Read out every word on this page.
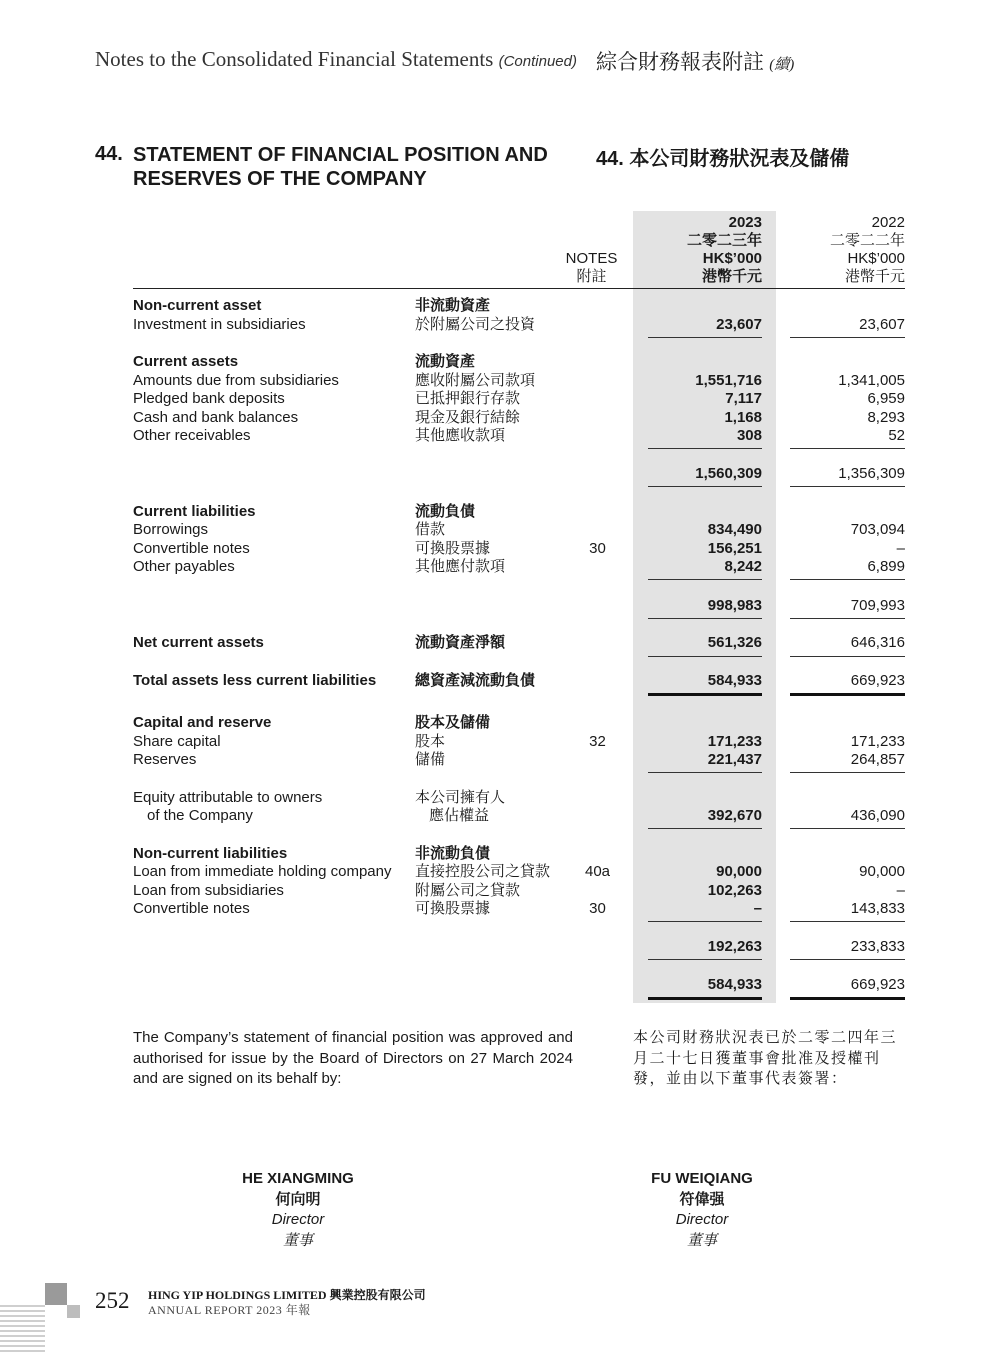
Notes to the Consolidated Financial Statements (Continued) 綜合財務報表附註 (續)
44. STATEMENT OF FINANCIAL POSITION AND RESERVES OF THE COMPANY
44. 本公司財務狀況表及儲備
NOTES
附註
2023
二零二三年
HK$’000
港幣千元
2022
二零二二年
HK$’000
港幣千元
Non-current asset	非流動資產
Investment in subsidiaries	於附屬公司之投資	23,607	23,607
Current assets	流動資產
Amounts due from subsidiaries	應收附屬公司款項	1,551,716	1,341,005
Pledged bank deposits	已抵押銀行存款	7,117	6,959
Cash and bank balances	現金及銀行結餘	1,168	8,293
Other receivables	其他應收款項	308	52
1,560,309	1,356,309
Current liabilities	流動負債
Borrowings	借款	834,490	703,094
Convertible notes	可換股票據	30	156,251	–
Other payables	其他應付款項	8,242	6,899
998,983	709,993
Net current assets	流動資產淨額	561,326	646,316
Total assets less current liabilities	總資產減流動負債	584,933	669,923
Capital and reserve	股本及儲備
Share capital	股本	32	171,233	171,233
Reserves	儲備	221,437	264,857
Equity attributable to owners	本公司擁有人
of the Company	應佔權益	392,670	436,090
Non-current liabilities	非流動負債
Loan from immediate holding company 直接控股公司之貸款	40a	90,000	90,000
Loan from subsidiaries	附屬公司之貸款	102,263	–
Convertible notes	可換股票據	30	–	143,833
192,263	233,833
584,933	669,923
The Company’s statement of financial position was approved and authorised for issue by the Board of Directors on 27 March 2024 and are signed on its behalf by:
本公司財務狀況表已於二零二四年三月二十七日獲董事會批准及授權刊發，並由以下董事代表簽署：
HE XIANGMING
何向明
Director
董事
FU WEIQIANG
符偉强
Director
董事
252 HING YIP HOLDINGS LIMITED 興業控股有限公司
ANNUAL REPORT 2023 年報
